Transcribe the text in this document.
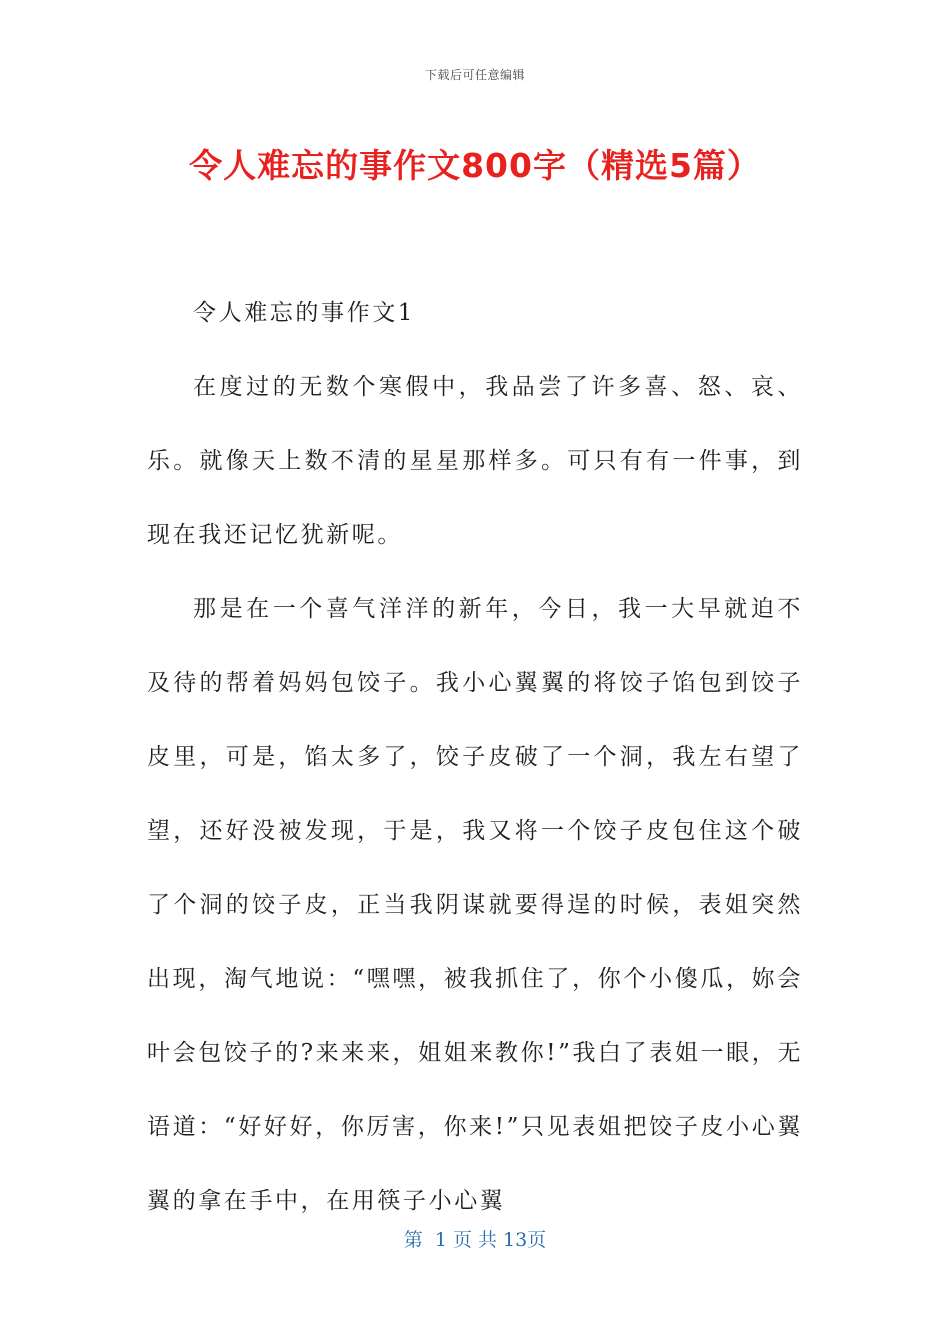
下载后可任意编辑
令人难忘的事作文800字（精选5篇）

令人难忘的事作文1

在度过的无数个寒假中，我品尝了许多喜、怒、哀、乐。就像天上数不清的星星那样多。可只有有一件事，到现在我还记忆犹新呢。

那是在一个喜气洋洋的新年，今日，我一大早就迫不及待的帮着妈妈包饺子。我小心翼翼的将饺子馅包到饺子皮里，可是，馅太多了，饺子皮破了一个洞，我左右望了望，还好没被发现，于是，我又将一个饺子皮包住这个破了个洞的饺子皮，正当我阴谋就要得逞的时候，表姐突然出现，淘气地说：“嘿嘿，被我抓住了，你个小傻瓜，妳会叶会包饺子的?来来来，姐姐来教你!”我白了表姐一眼，无语道：“好好好，你厉害，你来!”只见表姐把饺子皮小心翼翼的拿在手中，在用筷子小心翼

第  1 页 共 13页
